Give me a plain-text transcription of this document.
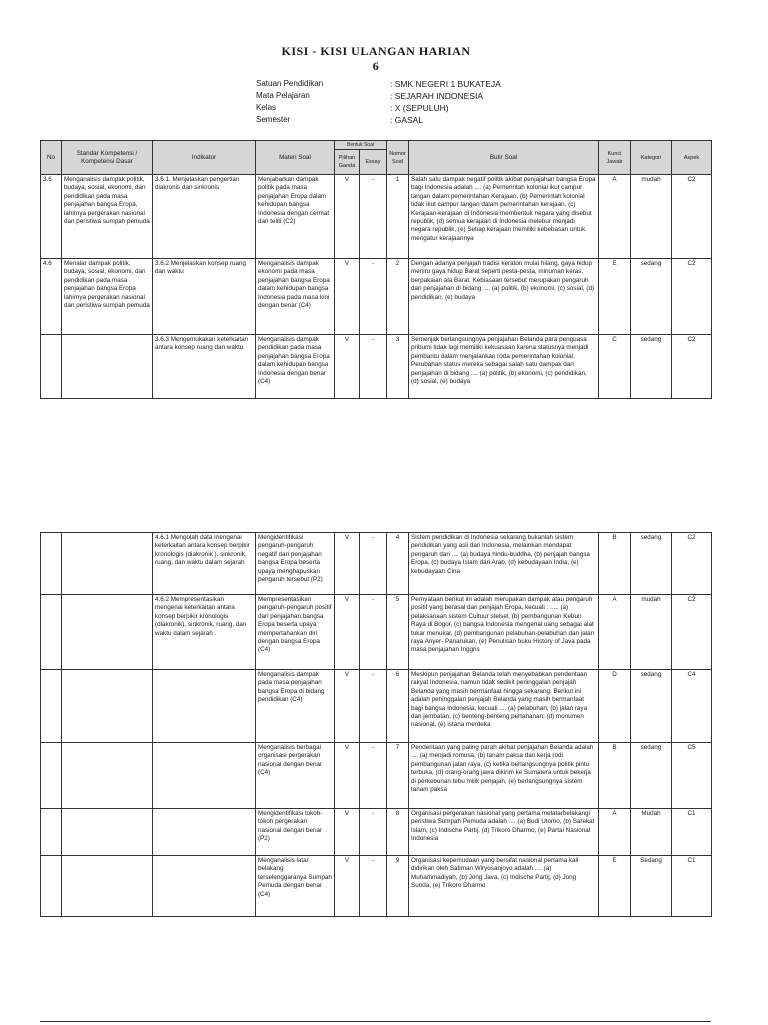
KISI - KISI ULANGAN HARIAN
6
Satuan Pendidikan	: SMK NEGERI 1 BUKATEJA
Mata Pelajaran	: SEJARAH INDONESIA
Kelas	: X (SEPULUH)
Semester	: GASAL
No	Standar Kompetensi / Kompetensi Dasar	Indikator	Materi Soal	Bentuk Soal		Nomor Soal	Butir Soal	Kunci Jawab	Kategori	Aspek
				Pilihan Ganda	Essay					
3.6	Menganalisis dampak politik, budaya, sosial, ekonomi, dan pendidikan pada masa penjajahan bangsa Eropa, lahirnya pergerakan nasional dan peristiwa sumpah pemuda	3.6.1. Menjelaskan pengertian diakronis dan sinkronis	Menjabarkan dampak politik pada masa penjajahan Eropa dalam kehidupan bangsa Indonesia dengan cermat dan teliti (C2)	V	-	1	Salah satu dampak negatif politik akibat penjajahan bangsa Eropa bagi Indonesia adalah .... (a) Pemerintah kolonial ikut campur tangan dalam pemerintahan Kerajaan, (b) Pemerintah kolonial tidak ikut campur tangan dalam pemerintahan kerajaan, (c) Kerajaan-kerajaan di Indonesia membentuk negara yang disebut republik, (d) semua kerajaan di Indonesia melebur menjadi negara republik, (e) Setiap kerajaan memiliki kebebasan untuk mengatur kerajaannya	A	mudah	C2
4.6	Menalar dampak politik, budaya, sosial, ekonomi, dan pendidikan pada masa penjajahan bangsa Eropa lahirnya pergerakan nasional dan peristiwa sumpah pemuda	3.6.2 Menjelaskan konsep ruang dan waktu	Menganalisis dampak ekonomi pada masa penjajahan bangsa Eropa dalam kehidupan bangsa Indonesia pada masa kini dengan benar (C4)	V	-	2	Dengan adanya penjajah tradisi keraton mulai hilang, gaya hidup meniru gaya hidup Barat seperti pesta-pesta, minuman keras, berpakaian ala Barat. Kebiasaan tersebut merupakan pengaruh dari penjajahan di bidang .... (a) politik, (b) ekonomi, (c) sosial, (d) pendidikan, (e) budaya	E	sedang	C2
		3.6.3 Mengemukakan keterkaitan antara konsep ruang dan waktu	Menganalisis dampak pendidikan pada masa penjajahan bangsa Eropa dalam kehidupan bangsa Indonesia dengan benar (C4)	V	-	3	Semenjak berlangsungnya penjajahan Belanda para penguasa pribumi tidak lagi memiliki kekuasaan karena statusnya menjadi pembantu dalam menjalankan roda pemerintahan kolonial. Perubahan status mereka sebagai salah satu dampak dari penjajahan di bidang .... (a) politik, (b) ekonomi, (c) pendidikan, (d) sosial, (e) budaya	C	sedang	C2
		4.6.1 Mengolah data mengenai keterkaitan antara konsep berpikir kronologis (diakronik ), sinkronik, ruang, dan waktu dalam sejarah	Mengidentifikasi pengaruh-pengaruh negatif dari penjajahan bangsa Eropa beserta upaya menghapuskan pengaruh tersebut (P2)	V	-	4	Sistem pendidikan di Indonesia sekarang bukanlah sistem pendidikan yang asli dari Indonesia, melainkan mendapat pengaruh dari .... (a) budaya hindu-buddha, (b) penjajah bangsa Eropa, (c) budaya Islam dari Arab, (d) kebudayaan India, (e) kebudayaan Cina	B	sedang	C2
		4.6.2 Mempresentasikan mengenai keterkaitan antara konsep berpikir kronologis (diakronik), sinkronik, ruang, dan waktu dalam sejarah .	Mempresentasikan pengaruh-pengaruh positif dari penjajahan bangsa Eropa beserta upaya mempertahankan diri dengan bangsa Eropa (C4)	V	-	5	Pernyataan berikut ini adalah merupakan dampak atau pengaruh positif yang berasal dari penjajah Eropa, kecuali : ..... (a) pelaksanaan sistem Cultuur stelsel, (b) pembangunan Kebun Raya di Bogor, (c) bangsa Indonesia mengenal uang sebagai alat tukar menukar, (d) pembangunan pelabuhan-pelabuhan dan jalan raya Anyer- Panarukan, (e) Penulisan buku History of Java pada masa penjajahan Inggris	A	mudah	C2
			Menganalisis dampak pada masa penjajahan bangsa Eropa di bidang pendidikan (C4)	V	-	6	Meskipun penjajahan Belanda telah menyebabkan penderitaan rakyat Indonesia, namun tidak sedikit peninggalan penjajah Belanda yang masih bermanfaat hingga sekarang. Berikut ini adalah peninggalan penjajah Belanda yang masih bermanfaat bagi bangsa Indonesia, kecuali .... (a) pelabuhan, (b) jalan raya dan jembatan, (c) benteng-benteng pertahanan, (d) monumen nasional, (e) istana merdeka	D	sedang	C4
			Menganalisis berbagai organisasi pergerakan nasional dengan benar (C4)	V	-	7	Penderitaan yang paling parah akibat penjajahan Belanda adalah .... (a) menjadi romusa, (b) tanam paksa dan kerja rodi pembangunan jalan raya, (c) ketika berlangsungnya politik pintu terbuka, (d) orang-orang jawa dikirim ke Sumatera untuk bekerja di perkebunan tebu milik penjajah. (e) berlangsungnya sistem tanam paksa	B	sedang	C5
			Mengidentifikasi tokoh-tokoh pergerakan nasional dengan benar (P2)	V	-	8	Organisasi pergerakan nasional yang pertama melatarbelakangi peristiwa Sumpah Pemuda adalah .... (a) Budi Utomo, (b) Sarekat Islam, (c) Indische Partij, (d) Trikoro Dharmo, (e) Partai Nasional Indonesia	A	Mudah	C1
			Menganalisis latar belakang terselenggaranya Sumpah Pemuda dengan benar (C4)	V	-	9	Organisasi kepemudaan yang bersifat nasional pertama kali didirikan oleh Satiman Wiryosanjoyo adalah .... (a) Muhammadiyah, (b) Jong Java, (c) Indische Partij, (d) Jong Sunda, (e) Trikoro Dharmo	E	Sedang	C1
